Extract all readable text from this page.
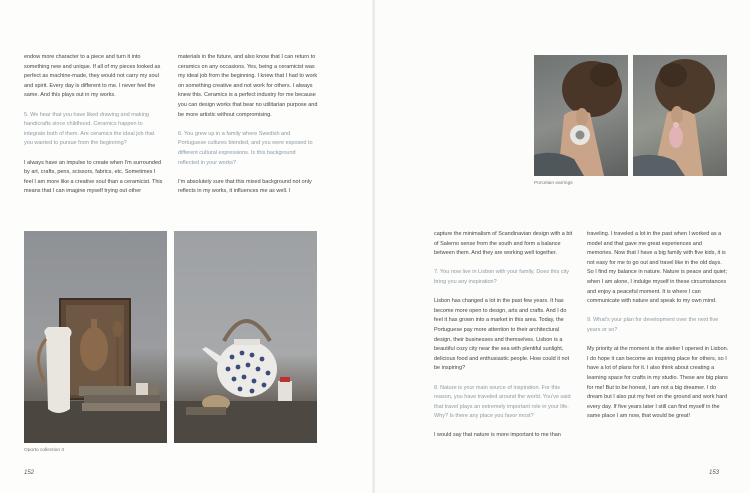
endow more character to a piece and turn it into something new and unique. If all of my pieces looked as perfect as machine-made, they would not carry my soul and spirit. Every day is different to me. I never feel the same. And this plays out in my works.

5. We hear that you have liked drawing and making handicrafts since childhood. Ceramics happen to integrate both of them. Are ceramics the ideal job that you wanted to pursue from the beginning?

I always have an impulse to create when I'm surrounded by art, crafts, pens, scissors, fabrics, etc. Sometimes I feel I am more like a creative soul than a ceramicist. This means that I can imagine myself trying out other

materials in the future, and also know that I can return to ceramics on any occasions. Yes, being a ceramicist was my ideal job from the beginning. I knew that I had to work on something creative and not work for others. I always knew this. Ceramics is a perfect industry for me because you can design works that bear no utilitarian purpose and be more artistic without compromising.

6. You grew up in a family where Swedish and Portuguese cultures blended, and you were exposed to different cultural expressions. Is this background reflected in your works?

I'm absolutely sure that this mixed background not only reflects in my works, it influences me as well. I

Oporto collection 3
152
Porcelain earrings

capture the minimalism of Scandinavian design with a bit of Salerno sense from the south and form a balance between them. And they are working well together.

7. You now live in Lisbon with your family. Does this city bring you any inspiration?

Lisbon has changed a lot in the past few years. It has become more open to design, arts and crafts. And I do feel it has grown into a market in this area. Today, the Portuguese pay more attention to their architectural design, their businesses and themselves. Lisbon is a beautiful cozy city near the sea with plentiful sunlight, delicious food and enthusiastic people. How could it not be inspiring?

8. Nature is your main source of inspiration. For this reason, you have traveled around the world. You've said that travel plays an extremely important role in your life. Why? Is there any place you favor most?

I would say that nature is more important to me than

traveling. I traveled a lot in the past when I worked as a model and that gave me great experiences and memories. Now that I have a big family with five kids, it is not easy for me to go out and travel like in the old days. So I find my balance in nature. Nature is peace and quiet; when I am alone, I indulge myself in these circumstances and enjoy a peaceful moment. It is where I can communicate with nature and speak to my own mind.

9. What's your plan for development over the next five years or so?

My priority at the moment is the atelier I opened in Lisbon. I do hope it can become an inspiring place for others, so I have a lot of plans for it. I also think about creating a learning space for crafts in my studio. These are big plans for me! But to be honest, I am not a big dreamer. I do dream but I also put my feet on the ground and work hard every day. If five years later I still can find myself in the same place I am now, that would be great!

153
